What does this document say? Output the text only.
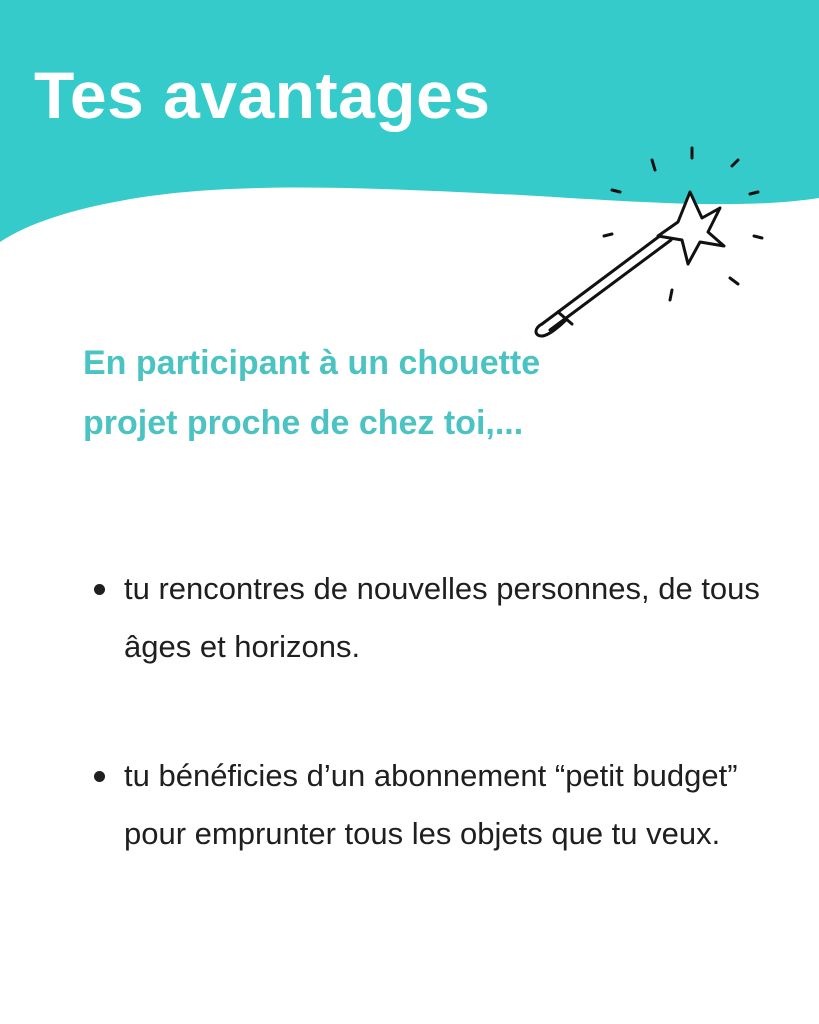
Tes avantages

En participant à un chouette projet proche de chez toi,...

tu rencontres de nouvelles personnes, de tous âges et horizons.
tu bénéficies d’un abonnement “petit budget” pour emprunter tous les objets que tu veux.
